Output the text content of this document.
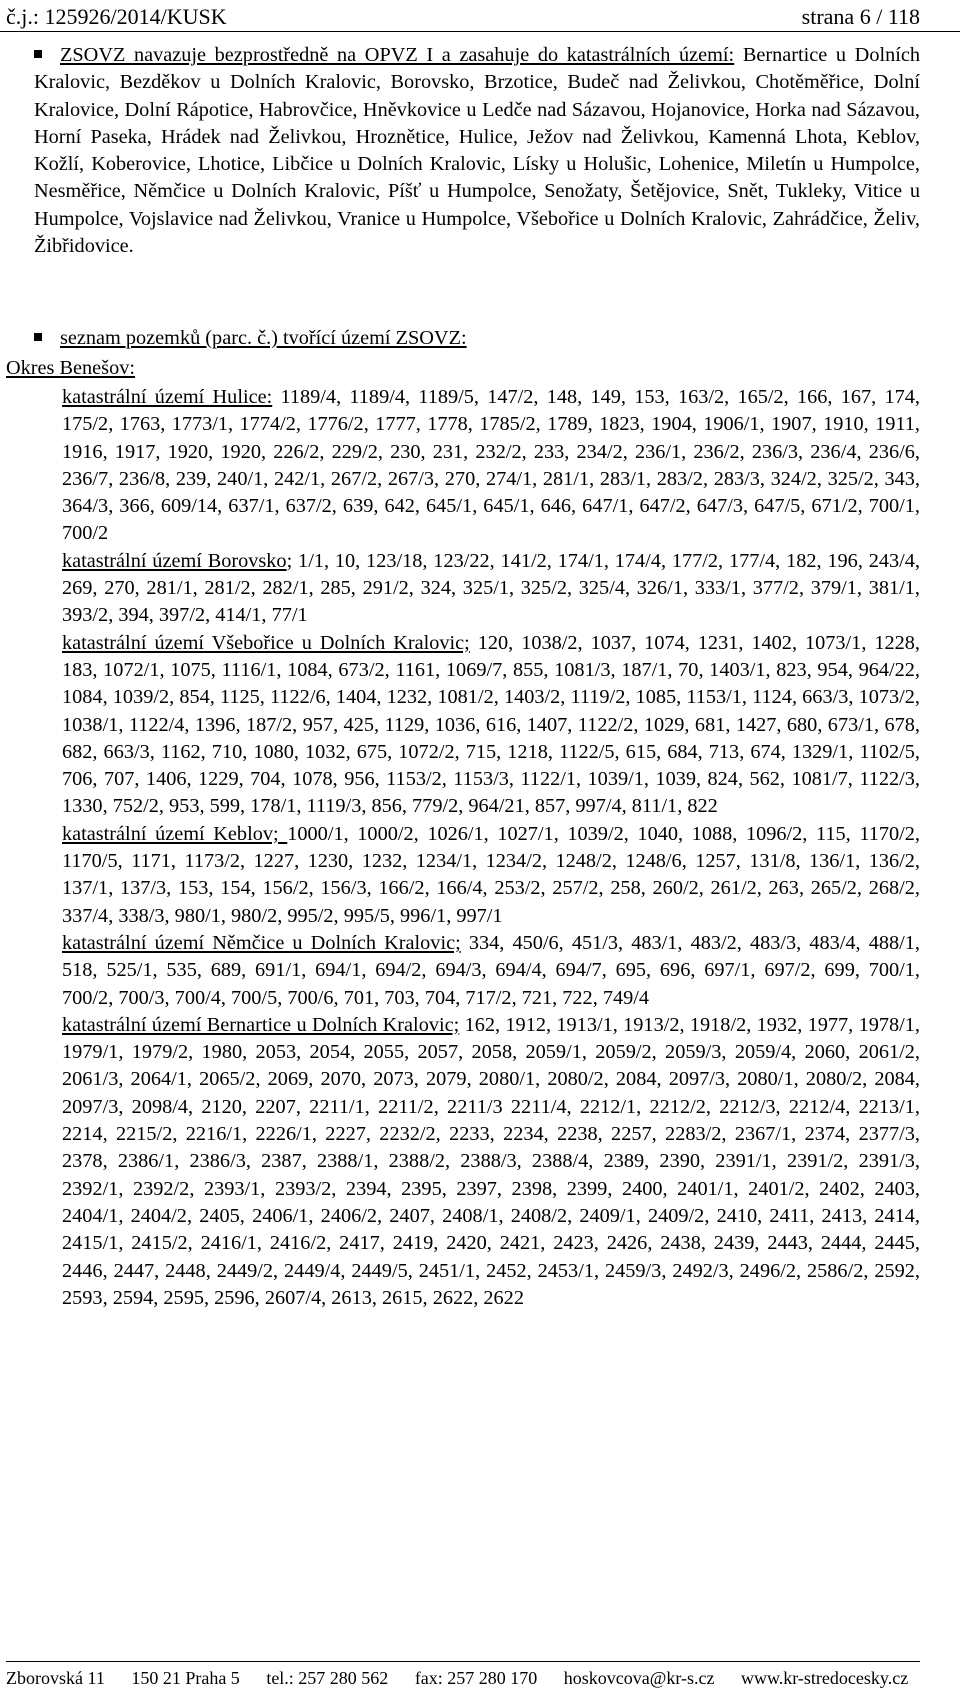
č.j.: 125926/2014/KUSK	strana 6 / 118

ZSOVZ navazuje bezprostředně na OPVZ I a zasahuje do katastrálních území: Bernartice u Dolních Kralovic, Bezděkov u Dolních Kralovic, Borovsko, Brzotice, Budeč nad Želivkou, Chotěměřice, Dolní Kralovice, Dolní Rápotice, Habrovčice, Hněvkovice u Ledče nad Sázavou, Hojanovice, Horka nad Sázavou, Horní Paseka, Hrádek nad Želivkou, Hroznětice, Hulice, Ježov nad Želivkou, Kamenná Lhota, Keblov, Kožlí, Koberovice, Lhotice, Libčice u Dolních Kralovic, Lísky u Holušic, Lohenice, Miletín u Humpolce, Nesměřice, Němčice u Dolních Kralovic, Píšť u Humpolce, Senožaty, Šetějovice, Snět, Tukleky, Vitice u Humpolce, Vojslavice nad Želivkou, Vranice u Humpolce, Všebořice u Dolních Kralovic, Zahrádčice, Želiv, Žibřidovice.

seznam pozemků (parc. č.) tvořící území ZSOVZ:

Okres Benešov:

katastrální území Hulice: 1189/4, 1189/4, 1189/5, 147/2, 148, 149, 153, 163/2, 165/2, 166, 167, 174, 175/2, 1763, 1773/1, 1774/2, 1776/2, 1777, 1778, 1785/2, 1789, 1823, 1904, 1906/1, 1907, 1910, 1911, 1916, 1917, 1920, 1920, 226/2, 229/2, 230, 231, 232/2, 233, 234/2, 236/1, 236/2, 236/3, 236/4, 236/6, 236/7, 236/8, 239, 240/1, 242/1, 267/2, 267/3, 270, 274/1, 281/1, 283/1, 283/2, 283/3, 324/2, 325/2, 343, 364/3, 366, 609/14, 637/1, 637/2, 639, 642, 645/1, 645/1, 646, 647/1, 647/2, 647/3, 647/5, 671/2, 700/1, 700/2

katastrální území Borovsko; 1/1, 10, 123/18, 123/22, 141/2, 174/1, 174/4, 177/2, 177/4, 182, 196, 243/4, 269, 270, 281/1, 281/2, 282/1, 285, 291/2, 324, 325/1, 325/2, 325/4, 326/1, 333/1, 377/2, 379/1, 381/1, 393/2, 394, 397/2, 414/1, 77/1

katastrální území Všebořice u Dolních Kralovic; 120, 1038/2, 1037, 1074, 1231, 1402, 1073/1, 1228, 183, 1072/1, 1075, 1116/1, 1084, 673/2, 1161, 1069/7, 855, 1081/3, 187/1, 70, 1403/1, 823, 954, 964/22, 1084, 1039/2, 854, 1125, 1122/6, 1404, 1232, 1081/2, 1403/2, 1119/2, 1085, 1153/1, 1124, 663/3, 1073/2, 1038/1, 1122/4, 1396, 187/2, 957, 425, 1129, 1036, 616, 1407, 1122/2, 1029, 681, 1427, 680, 673/1, 678, 682, 663/3, 1162, 710, 1080, 1032, 675, 1072/2, 715, 1218, 1122/5, 615, 684, 713, 674, 1329/1, 1102/5, 706, 707, 1406, 1229, 704, 1078, 956, 1153/2, 1153/3, 1122/1, 1039/1, 1039, 824, 562, 1081/7, 1122/3, 1330, 752/2, 953, 599, 178/1, 1119/3, 856, 779/2, 964/21, 857, 997/4, 811/1, 822

katastrální území Keblov; 1000/1, 1000/2, 1026/1, 1027/1, 1039/2, 1040, 1088, 1096/2, 115, 1170/2, 1170/5, 1171, 1173/2, 1227, 1230, 1232, 1234/1, 1234/2, 1248/2, 1248/6, 1257, 131/8, 136/1, 136/2, 137/1, 137/3, 153, 154, 156/2, 156/3, 166/2, 166/4, 253/2, 257/2, 258, 260/2, 261/2, 263, 265/2, 268/2, 337/4, 338/3, 980/1, 980/2, 995/2, 995/5, 996/1, 997/1

katastrální území Němčice u Dolních Kralovic; 334, 450/6, 451/3, 483/1, 483/2, 483/3, 483/4, 488/1, 518, 525/1, 535, 689, 691/1, 694/1, 694/2, 694/3, 694/4, 694/7, 695, 696, 697/1, 697/2, 699, 700/1, 700/2, 700/3, 700/4, 700/5, 700/6, 701, 703, 704, 717/2, 721, 722, 749/4

katastrální území Bernartice u Dolních Kralovic; 162, 1912, 1913/1, 1913/2, 1918/2, 1932, 1977, 1978/1, 1979/1, 1979/2, 1980, 2053, 2054, 2055, 2057, 2058, 2059/1, 2059/2, 2059/3, 2059/4, 2060, 2061/2, 2061/3, 2064/1, 2065/2, 2069, 2070, 2073, 2079, 2080/1, 2080/2, 2084, 2097/3, 2080/1, 2080/2, 2084, 2097/3, 2098/4, 2120, 2207, 2211/1, 2211/2, 2211/3 2211/4, 2212/1, 2212/2, 2212/3, 2212/4, 2213/1, 2214, 2215/2, 2216/1, 2226/1, 2227, 2232/2, 2233, 2234, 2238, 2257, 2283/2, 2367/1, 2374, 2377/3, 2378, 2386/1, 2386/3, 2387, 2388/1, 2388/2, 2388/3, 2388/4, 2389, 2390, 2391/1, 2391/2, 2391/3, 2392/1, 2392/2, 2393/1, 2393/2, 2394, 2395, 2397, 2398, 2399, 2400, 2401/1, 2401/2, 2402, 2403, 2404/1, 2404/2, 2405, 2406/1, 2406/2, 2407, 2408/1, 2408/2, 2409/1, 2409/2, 2410, 2411, 2413, 2414, 2415/1, 2415/2, 2416/1, 2416/2, 2417, 2419, 2420, 2421, 2423, 2426, 2438, 2439, 2443, 2444, 2445, 2446, 2447, 2448, 2449/2, 2449/4, 2449/5, 2451/1, 2452, 2453/1, 2459/3, 2492/3, 2496/2, 2586/2, 2592, 2593, 2594, 2595, 2596, 2607/4, 2613, 2615, 2622, 2622

Zborovská 11 150 21 Praha 5 tel.: 257 280 562 fax: 257 280 170 hoskovcova@kr-s.cz www.kr-stredocesky.cz
